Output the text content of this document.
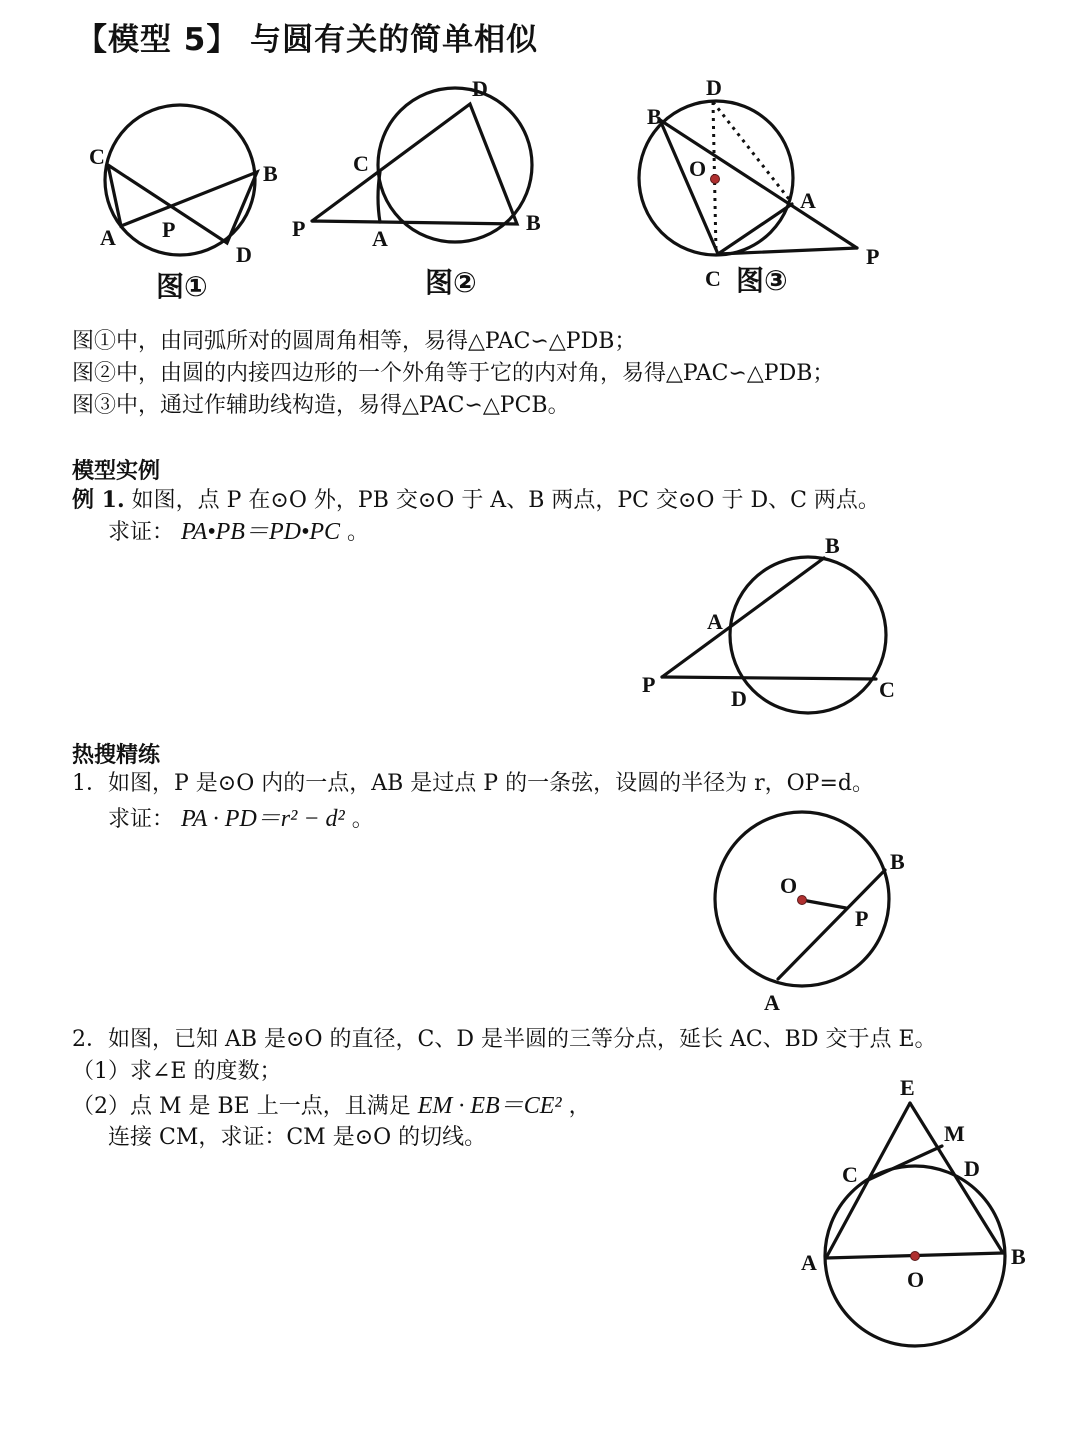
【模型 5】 与圆有关的简单相似
C
B
A P
D
图①
D
C
P	A
B
图②
D
B
O
A
P
C 图③
B
A
P
D	C
O
B
P
A
E
M
C	D
A	B
O
图①中，由同弧所对的圆周角相等，易得△PAC∽△PDB；
图②中，由圆的内接四边形的一个外角等于它的内对角，易得△PAC∽△PDB；
图③中，通过作辅助线构造，易得△PAC∽△PCB。
模型实例
例 1. 如图，点 P 在⊙O 外，PB 交⊙O 于 A、B 两点，PC 交⊙O 于 D、C 两点。
求证： PA•PB＝PD•PC 。
热搜精练
1．如图，P 是⊙O 内的一点，AB 是过点 P 的一条弦，设圆的半径为 r，OP=d。
求证： PA · PD＝r² − d² 。
2．如图，已知 AB 是⊙O 的直径，C、D 是半圆的三等分点，延长 AC、BD 交于点 E。
（1）求∠E 的度数；
（2）点 M 是 BE 上一点，且满足 EM · EB＝CE² ，
连接 CM，求证：CM 是⊙O 的切线。
